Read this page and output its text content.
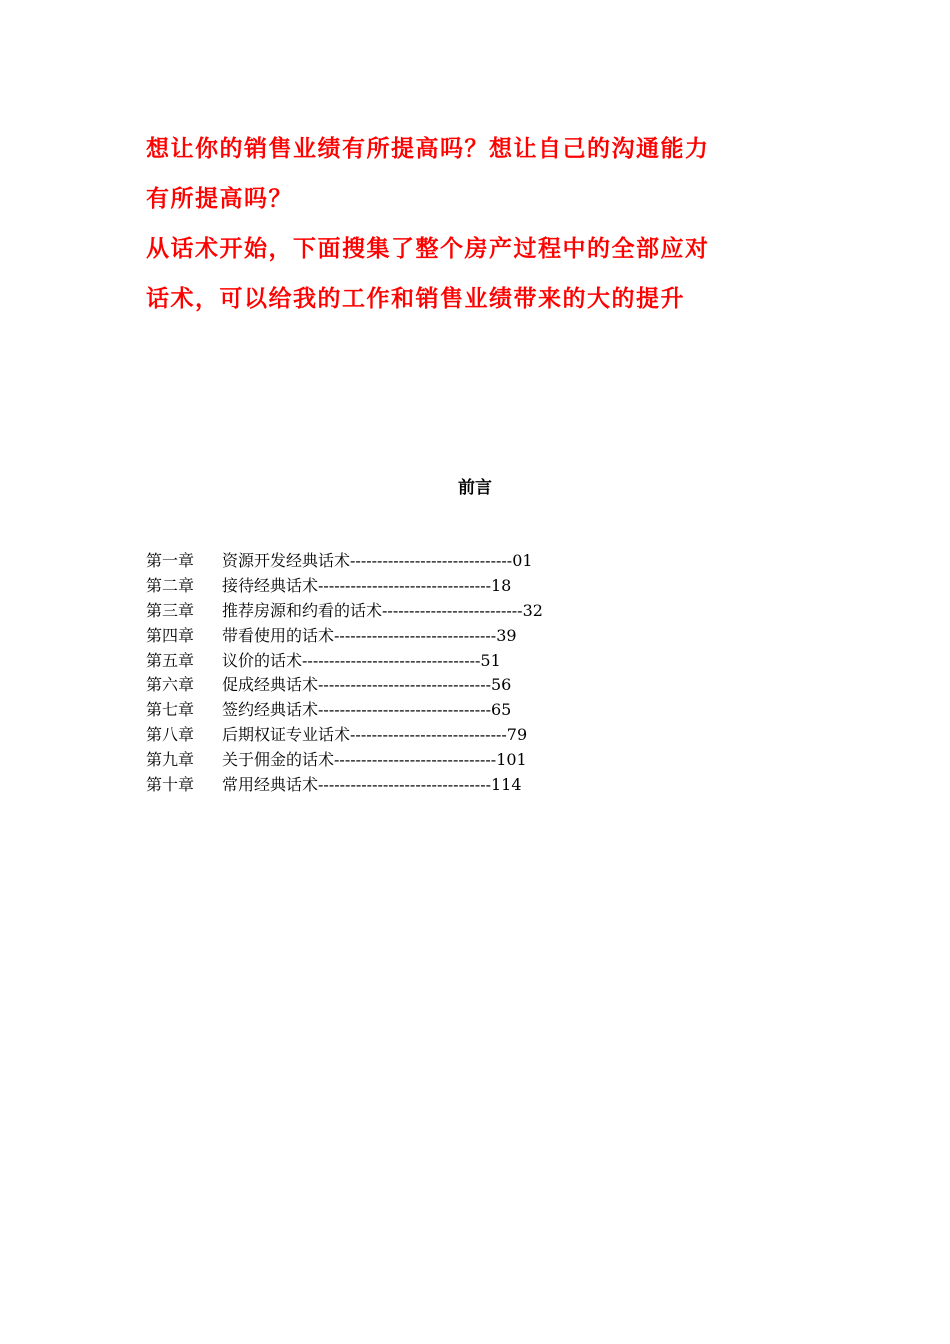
想让你的销售业绩有所提高吗？想让自己的沟通能力

有所提高吗？

从话术开始，下面搜集了整个房产过程中的全部应对

话术，可以给我的工作和销售业绩带来的大的提升

前言
第一章 资源开发经典话术------------------------------01
第二章 接待经典话术--------------------------------18
第三章 推荐房源和约看的话术--------------------------32
第四章 带看使用的话术------------------------------39
第五章 议价的话术---------------------------------51
第六章 促成经典话术--------------------------------56
第七章 签约经典话术--------------------------------65
第八章 后期权证专业话术-----------------------------79
第九章 关于佣金的话术------------------------------101
第十章 常用经典话术--------------------------------114
